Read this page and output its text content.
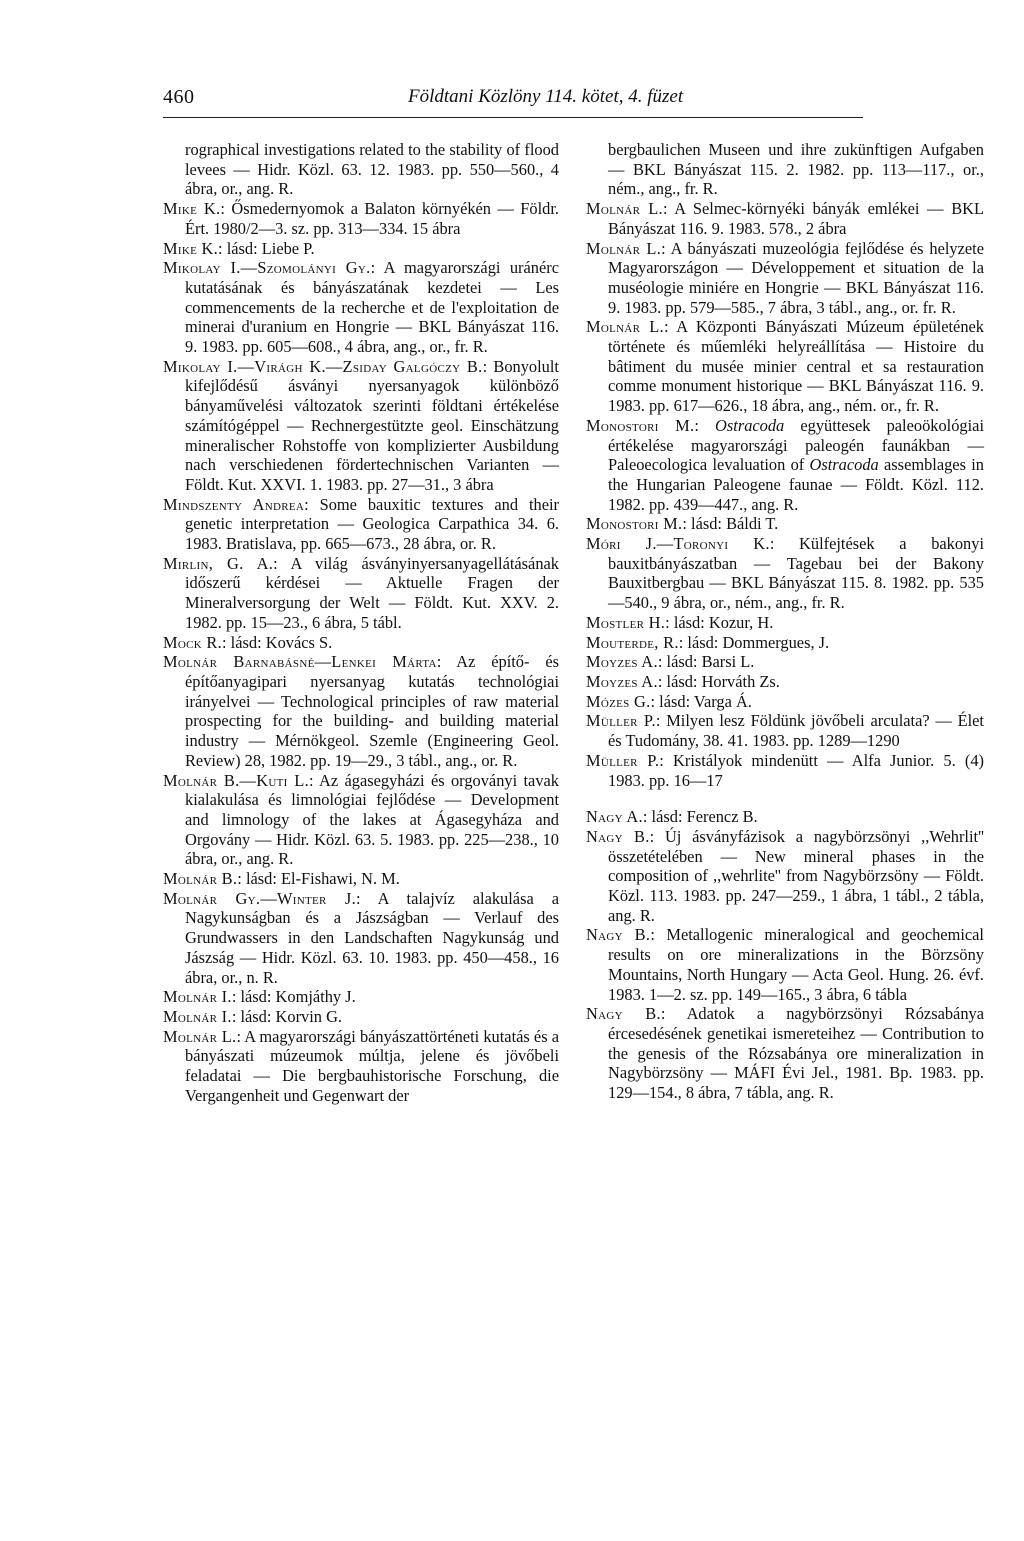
460	Földtani Közlöny 114. kötet, 4. füzet
rographical investigations related to the stability of flood levees — Hidr. Közl. 63. 12. 1983. pp. 550—560., 4 ábra, or., ang. R.
Mike K.: Ősmedernyomok a Balaton környékén — Földr. Ért. 1980/2—3. sz. pp. 313—334. 15 ábra
Mike K.: lásd: Liebe P.
Mikolay I.—Szomolányi Gy.: A magyarországi uránérc kutatásának és bányászatának kezdetei — Les commencements de la recherche et de l'exploitation de minerai d'uranium en Hongrie — BKL Bányászat 116. 9. 1983. pp. 605—608., 4 ábra, ang., or., fr. R.
Mikolay I.—Virágh K.—Zsiday Galgóczy B.: Bonyolult kifejlődésű ásványi nyersanyagok különböző bányaművelési változatok szerinti földtani értékelése számítógéppel — Rechnergestützte geol. Einschätzung mineralischer Rohstoffe von komplizierter Ausbildung nach verschiedenen fördertechnischen Varianten — Földt. Kut. XXVI. 1. 1983. pp. 27—31., 3 ábra
Mindszenty Andrea: Some bauxitic textures and their genetic interpretation — Geologica Carpathica 34. 6. 1983. Bratislava, pp. 665—673., 28 ábra, or. R.
Mirlin, G. A.: A világ ásványinyersanyagellátásának időszerű kérdései — Aktuelle Fragen der Mineralversorgung der Welt — Földt. Kut. XXV. 2. 1982. pp. 15—23., 6 ábra, 5 tábl.
Mock R.: lásd: Kovács S.
Molnár Barnabásné—Lenkei Márta: Az építő- és építőanyagipari nyersanyag kutatás technológiai irányelvei — Technological principles of raw material prospecting for the building- and building material industry — Mérnökgeol. Szemle (Engineering Geol. Review) 28, 1982. pp. 19—29., 3 tábl., ang., or. R.
Molnár B.—Kuti L.: Az ágasegyházi és orgoványi tavak kialakulása és limnológiai fejlődése — Development and limnology of the lakes at Ágasegyháza and Orgovány — Hidr. Közl. 63. 5. 1983. pp. 225—238., 10 ábra, or., ang. R.
Molnár B.: lásd: El-Fishawi, N. M.
Molnár Gy.—Winter J.: A talajvíz alakulása a Nagykunságban és a Jászságban — Verlauf des Grundwassers in den Landschaften Nagykunság und Jászság — Hidr. Közl. 63. 10. 1983. pp. 450—458., 16 ábra, or., n. R.
Molnár I.: lásd: Komjáthy J.
Molnár I.: lásd: Korvin G.
Molnár L.: A magyarországi bányászattörténeti kutatás és a bányászati múzeumok múltja, jelene és jövőbeli feladatai — Die bergbauhistorische Forschung, die Vergangenheit und Gegenwart der
bergbaulichen Museen und ihre zukünftigen Aufgaben — BKL Bányászat 115. 2. 1982. pp. 113—117., or., ném., ang., fr. R.
Molnár L.: A Selmec-környéki bányák emlékei — BKL Bányászat 116. 9. 1983. 578., 2 ábra
Molnár L.: A bányászati muzeológia fejlődése és helyzete Magyarországon — Développement et situation de la muséologie miniére en Hongrie — BKL Bányászat 116. 9. 1983. pp. 579—585., 7 ábra, 3 tábl., ang., or. fr. R.
Molnár L.: A Központi Bányászati Múzeum épületének története és műemléki helyreállítása — Histoire du bâtiment du musée minier central et sa restauration comme monument historique — BKL Bányászat 116. 9. 1983. pp. 617—626., 18 ábra, ang., ném. or., fr. R.
Monostori M.: Ostracoda együttesek paleoökológiai értékelése magyarországi paleogén faunákban — Paleoecologica levaluation of Ostracoda assemblages in the Hungarian Paleogene faunae — Földt. Közl. 112. 1982. pp. 439—447., ang. R.
Monostori M.: lásd: Báldi T.
Móri J.—Toronyi K.: Külfejtések a bakonyi bauxitbányászatban — Tagebau bei der Bakony Bauxitbergbau — BKL Bányászat 115. 8. 1982. pp. 535—540., 9 ábra, or., ném., ang., fr. R.
Mostler H.: lásd: Kozur, H.
Mouterde, R.: lásd: Dommergues, J.
Moyzes A.: lásd: Barsi L.
Moyzes A.: lásd: Horváth Zs.
Mózes G.: lásd: Varga Á.
Müller P.: Milyen lesz Földünk jövőbeli arculata? — Élet és Tudomány, 38. 41. 1983. pp. 1289—1290
Müller P.: Kristályok mindenütt — Alfa Junior. 5. (4) 1983. pp. 16—17
Nagy A.: lásd: Ferencz B.
Nagy B.: Új ásványfázisok a nagybörzsönyi ,,Wehrlit'' összetételében — New mineral phases in the composition of ,,wehrlite'' from Nagybörzsöny — Földt. Közl. 113. 1983. pp. 247—259., 1 ábra, 1 tábl., 2 tábla, ang. R.
Nagy B.: Metallogenic mineralogical and geochemical results on ore mineralizations in the Börzsöny Mountains, North Hungary — Acta Geol. Hung. 26. évf. 1983. 1—2. sz. pp. 149—165., 3 ábra, 6 tábla
Nagy B.: Adatok a nagybörzsönyi Rózsabánya ércesedésének genetikai ismereteihez — Contribution to the genesis of the Rózsabánya ore mineralization in Nagybörzsöny — MÁFI Évi Jel., 1981. Bp. 1983. pp. 129—154., 8 ábra, 7 tábla, ang. R.
